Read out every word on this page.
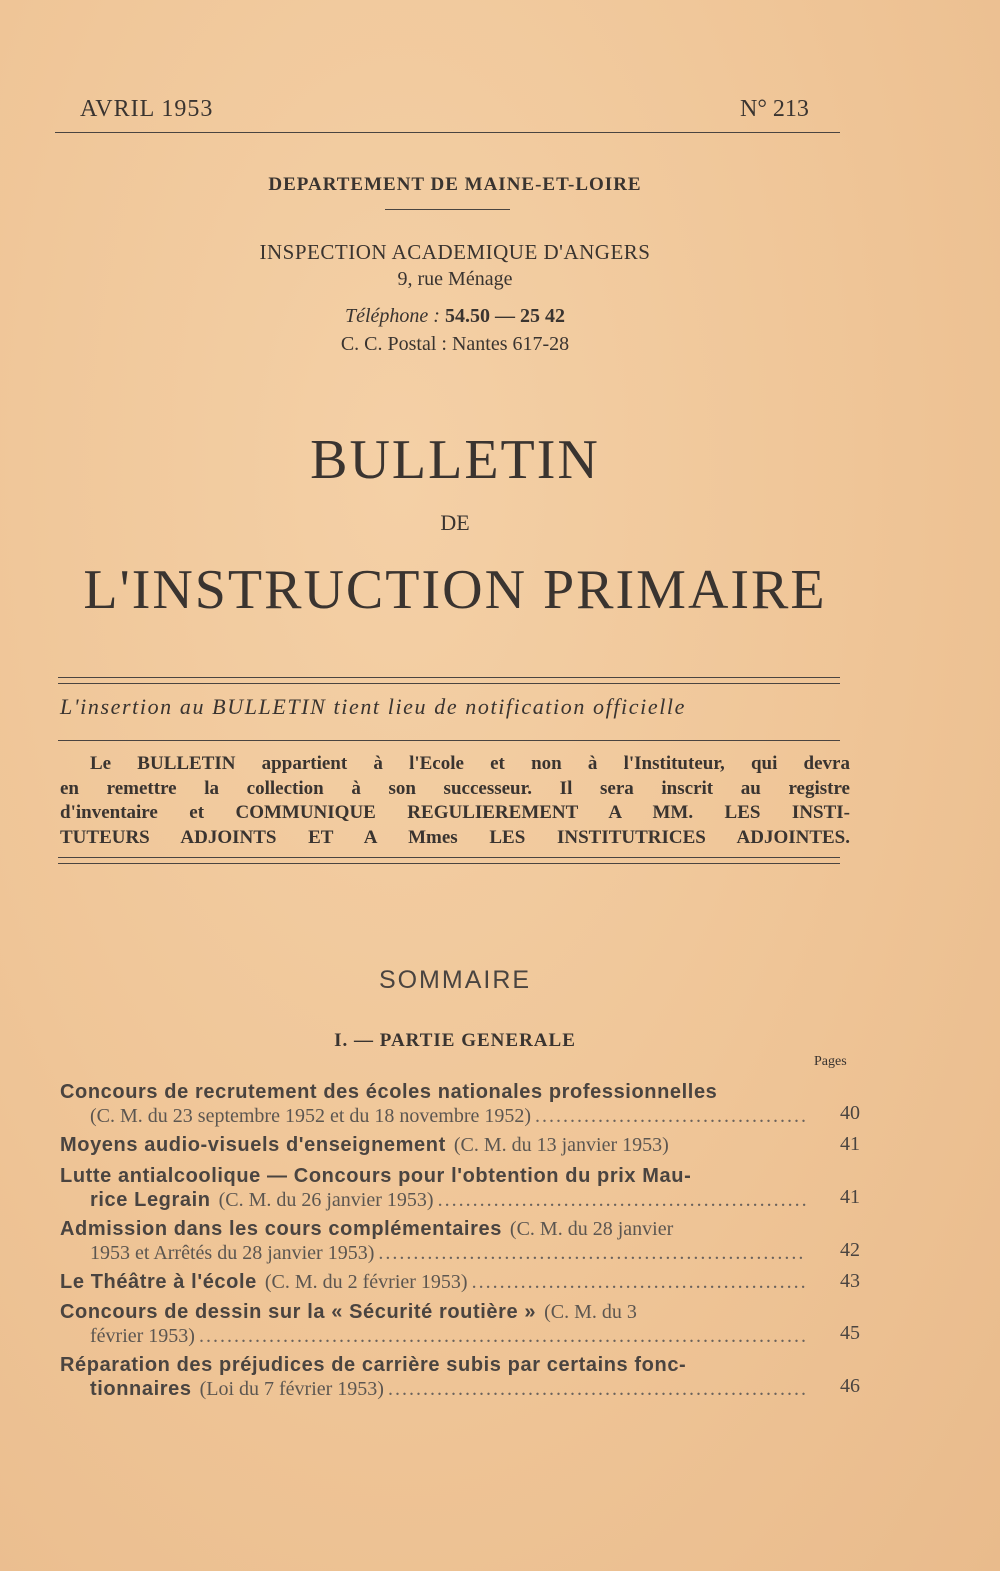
AVRIL 1953	N° 213
DEPARTEMENT DE MAINE-ET-LOIRE
INSPECTION ACADEMIQUE D'ANGERS
9, rue Ménage
Téléphone : 54.50 — 25 42
C. C. Postal : Nantes 617-28
BULLETIN
DE
L'INSTRUCTION PRIMAIRE
L'insertion au BULLETIN tient lieu de notification officielle
Le BULLETIN appartient à l'Ecole et non à l'Instituteur, qui devra
en remettre la collection à son successeur. Il sera inscrit au registre
d'inventaire et COMMUNIQUE REGULIEREMENT A MM. LES INSTI-
TUTEURS ADJOINTS ET A Mmes LES INSTITUTRICES ADJOINTES.
SOMMAIRE
I. — PARTIE GENERALE
Pages
Concours de recrutement des écoles nationales professionnelles
(C. M. du 23 septembre 1952 et du 18 novembre 1952) .....	40
Moyens audio-visuels d'enseignement (C. M. du 13 janvier 1953)	41
Lutte antialcoolique — Concours pour l'obtention du prix Mau-
rice Legrain (C. M. du 26 janvier 1953) .....	41
Admission dans les cours complémentaires (C. M. du 28 janvier
1953 et Arrêtés du 28 janvier 1953) .....	42
Le Théâtre à l'école (C. M. du 2 février 1953) .....	43
Concours de dessin sur la « Sécurité routière » (C. M. du 3
février 1953) .....	45
Réparation des préjudices de carrière subis par certains fonc-
tionnaires (Loi du 7 février 1953) .....	46
